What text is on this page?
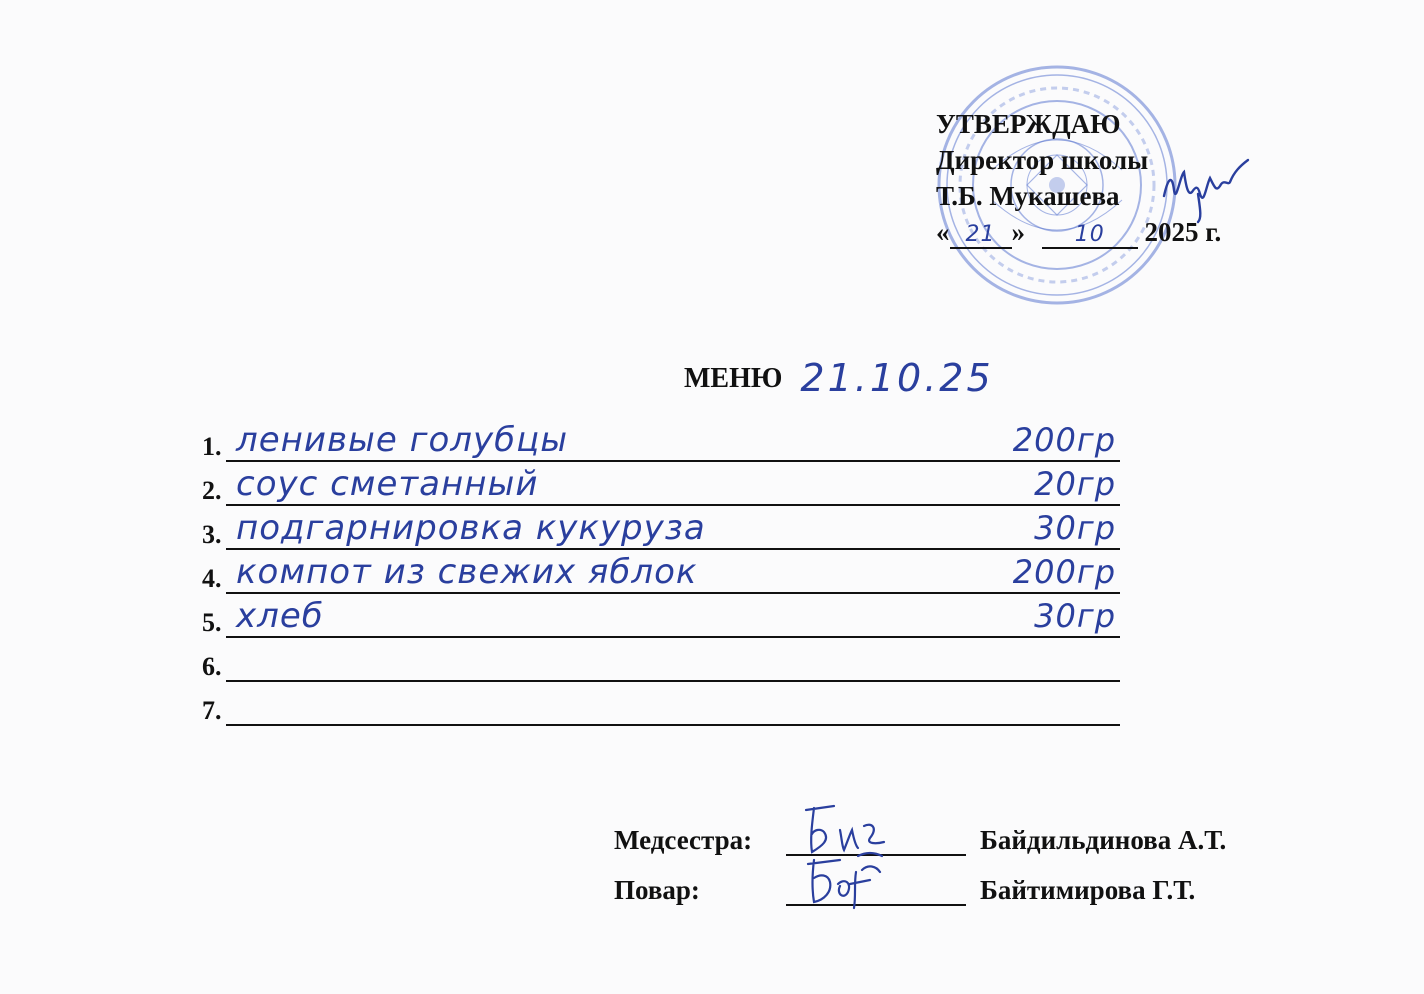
УТВЕРЖДАЮ
Директор школы
Т.Б. Мукашева
« 21 » 10 2025 г.
МЕНЮ 21.10.25
1. ленивые голубцы	200гр
2. соус сметанный	20гр
3. подгарнировка кукуруза	30гр
4. компот из свежих яблок	200гр
5. хлеб	30гр
6.
7.
Медсестра:	Байдильдинова А.Т.
Повар:	Байтимирова Г.Т.
